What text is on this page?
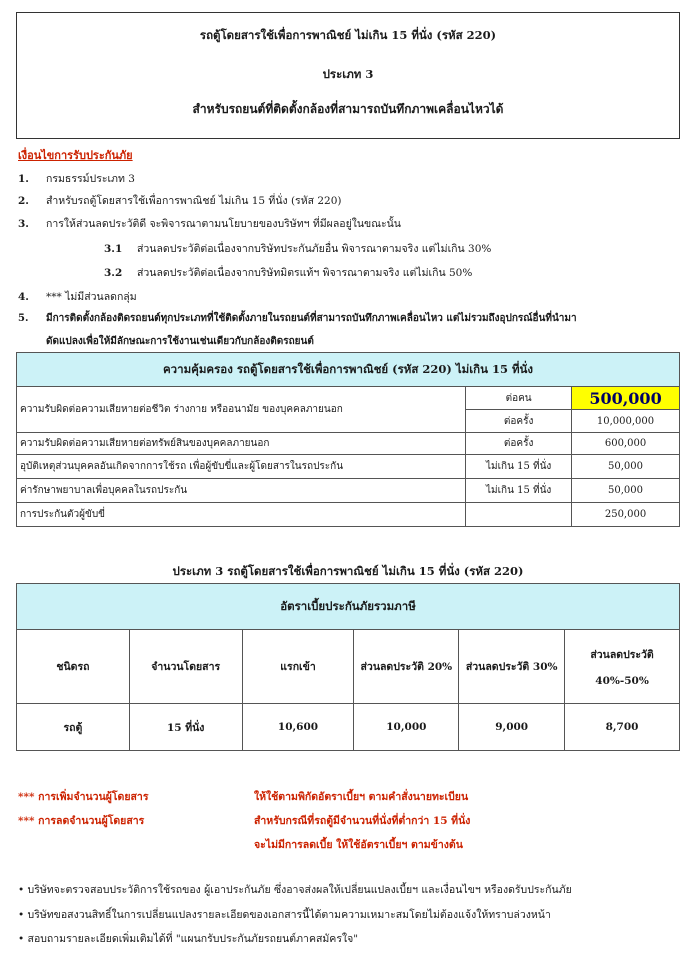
รถตู้โดยสารใช้เพื่อการพาณิชย์ ไม่เกิน 15 ที่นั่ง (รหัส 220)
ประเภท 3
สำหรับรถยนต์ที่ติดตั้งกล้องที่สามารถบันทึกภาพเคลื่อนไหวได้
เงื่อนไขการรับประกันภัย
1. กรมธรรม์ประเภท 3
2. สำหรับรถตู้โดยสารใช้เพื่อการพาณิชย์ ไม่เกิน 15 ที่นั่ง (รหัส 220)
3. การให้ส่วนลดประวัติดี จะพิจารณาตามนโยบายของบริษัทฯ ที่มีผลอยู่ในขณะนั้น
3.1 ส่วนลดประวัติต่อเนื่องจากบริษัทประกันภัยอื่น พิจารณาตามจริง แต่ไม่เกิน 30%
3.2 ส่วนลดประวัติต่อเนื่องจากบริษัทมิตรแท้ฯ พิจารณาตามจริง แต่ไม่เกิน 50%
4. *** ไม่มีส่วนลดกลุ่ม
5. มีการติดตั้งกล้องติดรถยนต์ทุกประเภทที่ใช้ติดตั้งภายในรถยนต์ที่สามารถบันทึกภาพเคลื่อนไหว แต่ไม่รวมถึงอุปกรณ์อื่นที่นำมา
ดัดแปลงเพื่อให้มีลักษณะการใช้งานเช่นเดียวกับกล้องติดรถยนต์
ความคุ้มครอง รถตู้โดยสารใช้เพื่อการพาณิชย์ (รหัส 220) ไม่เกิน 15 ที่นั่ง		
ความรับผิดต่อความเสียหายต่อชีวิต ร่างกาย หรืออนามัย ของบุคคลภายนอก	ต่อคน	500,000
	ต่อครั้ง	10,000,000
ความรับผิดต่อความเสียหายต่อทรัพย์สินของบุคคลภายนอก	ต่อครั้ง	600,000
อุบัติเหตุส่วนบุคคลอันเกิดจากการใช้รถ เพื่อผู้ขับขี่และผู้โดยสารในรถประกัน	ไม่เกิน 15 ที่นั่ง	50,000
ค่ารักษาพยาบาลเพื่อบุคคลในรถประกัน	ไม่เกิน 15 ที่นั่ง	50,000
การประกันตัวผู้ขับขี่		250,000
ประเภท 3 รถตู้โดยสารใช้เพื่อการพาณิชย์ ไม่เกิน 15 ที่นั่ง (รหัส 220)
อัตราเบี้ยประกันภัยรวมภาษี					
ชนิดรถ	จำนวนโดยสาร	แรกเข้า	ส่วนลดประวัติ 20%	ส่วนลดประวัติ 30%	ส่วนลดประวัติ
40%-50%

รถตู้	15 ที่นั่ง	10,600	10,000	9,000	8,700
*** การเพิ่มจำนวนผู้โดยสาร	ให้ใช้ตามพิกัดอัตราเบี้ยฯ ตามคำสั่งนายทะเบียน
*** การลดจำนวนผู้โดยสาร	สำหรับกรณีที่รถตู้มีจำนวนที่นั่งที่ต่ำกว่า 15 ที่นั่ง
จะไม่มีการลดเบี้ย ให้ใช้อัตราเบี้ยฯ ตามข้างต้น
• บริษัทจะตรวจสอบประวัติการใช้รถของ ผู้เอาประกันภัย ซึ่งอาจส่งผลให้เปลี่ยนแปลงเบี้ยฯ และเงื่อนไขฯ หรืองดรับประกันภัย
• บริษัทขอสงวนสิทธิ์ในการเปลี่ยนแปลงรายละเอียดของเอกสารนี้ได้ตามความเหมาะสมโดยไม่ต้องแจ้งให้ทราบล่วงหน้า
• สอบถามรายละเอียดเพิ่มเติมได้ที่ "แผนกรับประกันภัยรถยนต์ภาคสมัครใจ"
